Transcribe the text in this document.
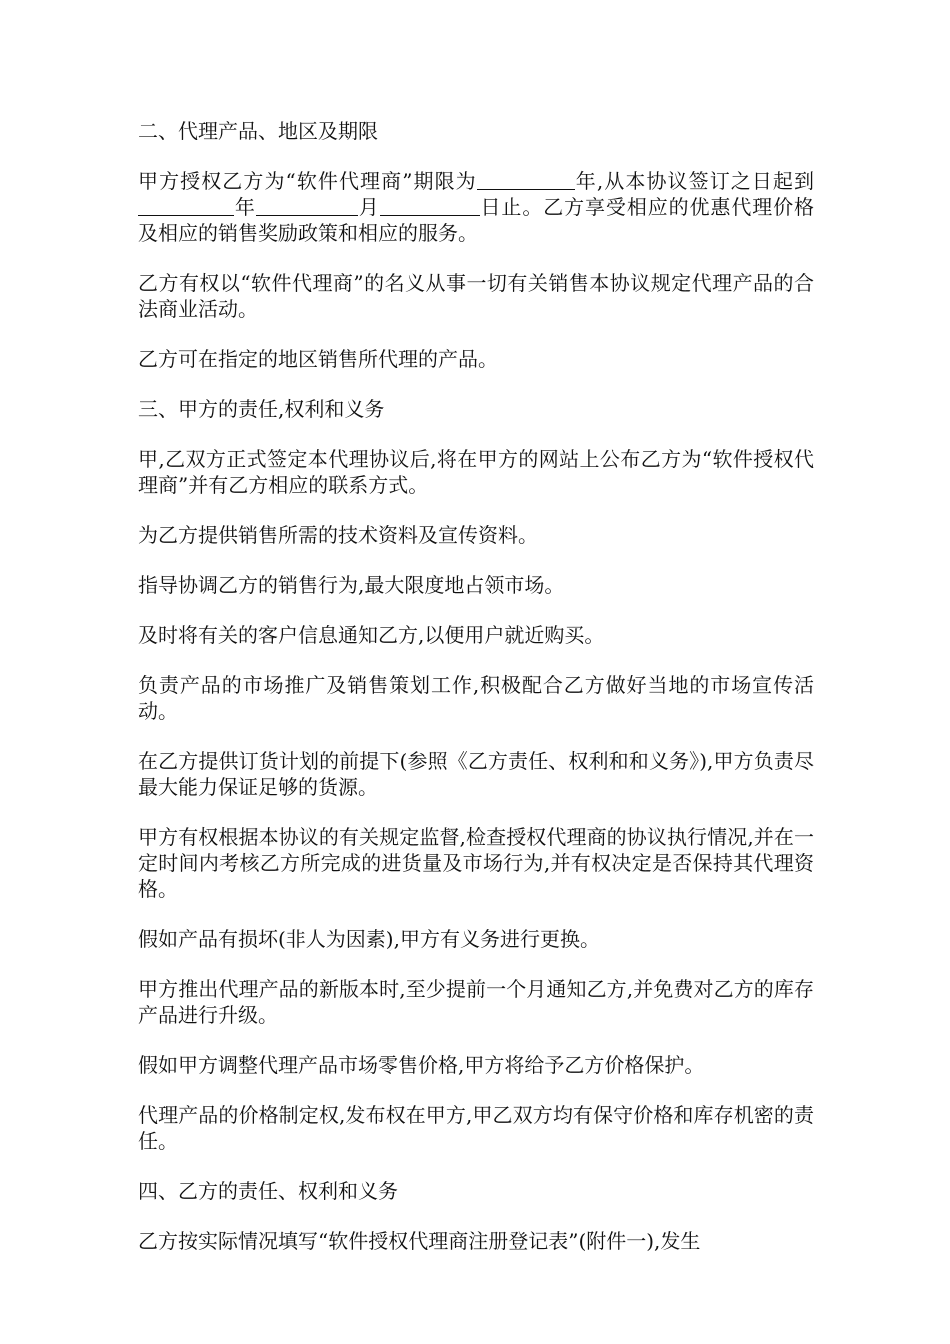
二、代理产品、地区及期限

甲方授权乙方为“软件代理商”期限为	年,从本协议签订之日起到年	月	日止。乙方享受相应的优惠代理价格及相应的销售奖励政策和相应的服务。

乙方有权以“软件代理商”的名义从事一切有关销售本协议规定代理产品的合法商业活动。

乙方可在指定的地区销售所代理的产品。

三、甲方的责任,权利和义务

甲,乙双方正式签定本代理协议后,将在甲方的网站上公布乙方为“软件授权代理商”并有乙方相应的联系方式。

为乙方提供销售所需的技术资料及宣传资料。

指导协调乙方的销售行为,最大限度地占领市场。

及时将有关的客户信息通知乙方,以便用户就近购买。

负责产品的市场推广及销售策划工作,积极配合乙方做好当地的市场宣传活动。

在乙方提供订货计划的前提下(参照《乙方责任、权利和和义务》),甲方负责尽最大能力保证足够的货源。

甲方有权根据本协议的有关规定监督,检查授权代理商的协议执行情况,并在一定时间内考核乙方所完成的进货量及市场行为,并有权决定是否保持其代理资格。

假如产品有损坏(非人为因素),甲方有义务进行更换。

甲方推出代理产品的新版本时,至少提前一个月通知乙方,并免费对乙方的库存产品进行升级。

假如甲方调整代理产品市场零售价格,甲方将给予乙方价格保护。

代理产品的价格制定权,发布权在甲方,甲乙双方均有保守价格和库存机密的责任。

四、乙方的责任、权利和义务

乙方按实际情况填写“软件授权代理商注册登记表”(附件一),发生
